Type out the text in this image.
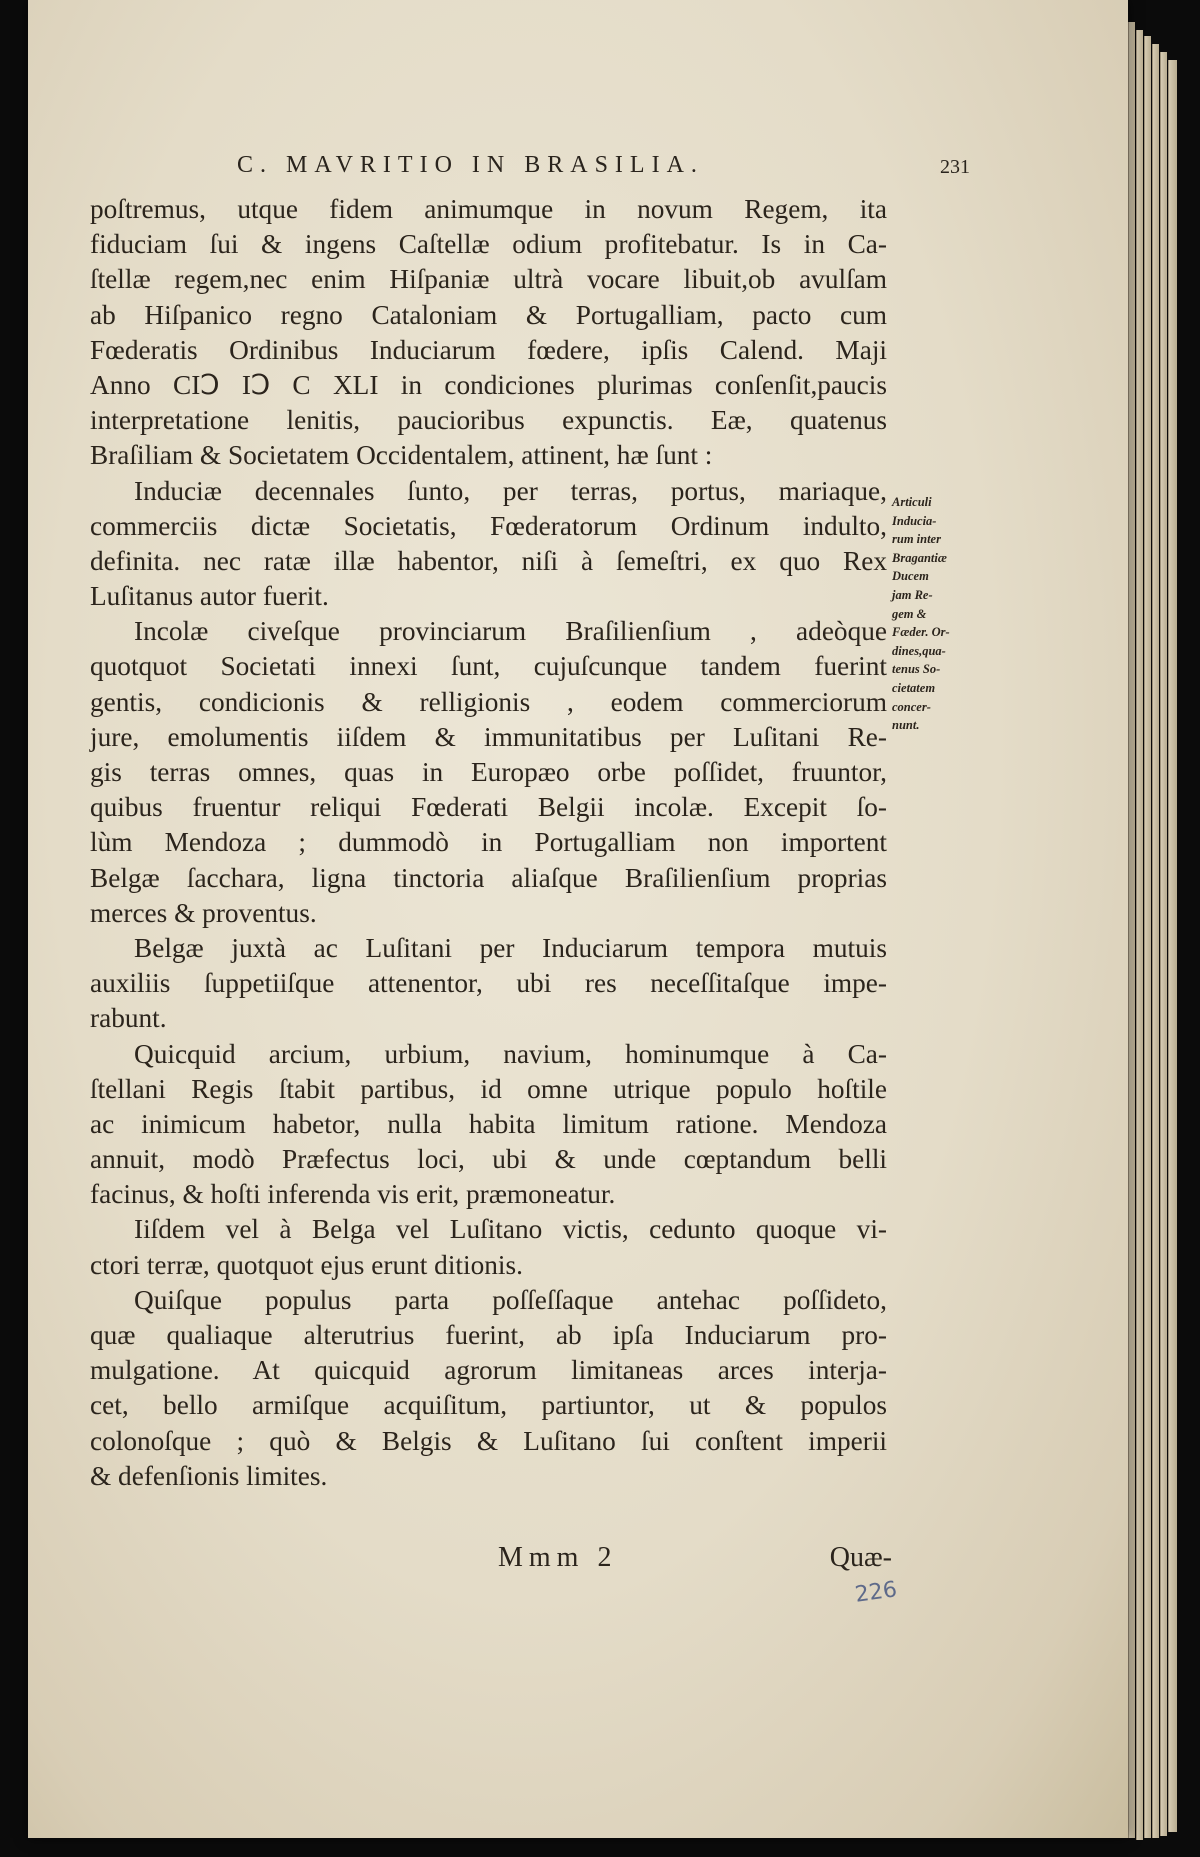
C. MAVRITIO IN BRASILIA.	231
poſtremus, utque fidem animumque in novum Regem, ita
fiduciam ſui & ingens Caſtellæ odium profitebatur. Is in Ca-
ſtellæ regem,nec enim Hiſpaniæ ultrà vocare libuit,ob avulſam
ab Hiſpanico regno Cataloniam & Portugalliam, pacto cum
Fœderatis Ordinibus Induciarum fœdere, ipſis Calend. Maji
Anno CIↃ IↃ C XLI in condiciones plurimas conſenſit,paucis
interpretatione lenitis, paucioribus expunctis. Eæ, quatenus
Braſiliam & Societatem Occidentalem, attinent, hæ ſunt :
Induciæ decennales ſunto, per terras, portus, mariaque,
commerciis dictæ Societatis, Fœderatorum Ordinum indulto,
definita. nec ratæ illæ habentor, niſi à ſemeſtri, ex quo Rex
Luſitanus autor fuerit.
Incolæ civeſque provinciarum Braſilienſium , adeòque
quotquot Societati innexi ſunt, cujuſcunque tandem fuerint
gentis, condicionis & relligionis , eodem commerciorum
jure, emolumentis iiſdem & immunitatibus per Luſitani Re-
gis terras omnes, quas in Europæo orbe poſſidet, fruuntor,
quibus fruentur reliqui Fœderati Belgii incolæ. Excepit ſo-
lùm Mendoza ; dummodò in Portugalliam non importent
Belgæ ſacchara, ligna tinctoria aliaſque Braſilienſium proprias
merces & proventus.
Belgæ juxtà ac Luſitani per Induciarum tempora mutuis
auxiliis ſuppetiiſque attenentor, ubi res neceſſitaſque impe-
rabunt.
Quicquid arcium, urbium, navium, hominumque à Ca-
ſtellani Regis ſtabit partibus, id omne utrique populo hoſtile
ac inimicum habetor, nulla habita limitum ratione. Mendoza
annuit, modò Præfectus loci, ubi & unde cœptandum belli
facinus, & hoſti inferenda vis erit, præmoneatur.
Iiſdem vel à Belga vel Luſitano victis, cedunto quoque vi-
ctori terræ, quotquot ejus erunt ditionis.
Quiſque populus parta poſſeſſaque antehac poſſideto,
quæ qualiaque alterutrius fuerint, ab ipſa Induciarum pro-
mulgatione. At quicquid agrorum limitaneas arces interja-
cet, bello armiſque acquiſitum, partiuntor, ut & populos
colonoſque ; quò & Belgis & Luſitano ſui conſtent imperii
& defenſionis limites.
Articuli
Inducia-
rum inter
Bragantiæ
Ducem
jam Re-
gem &
Fæder. Or-
dines,qua-
tenus So-
cietatem
concer-
nunt.
Mmm 2	Quæ-
226
